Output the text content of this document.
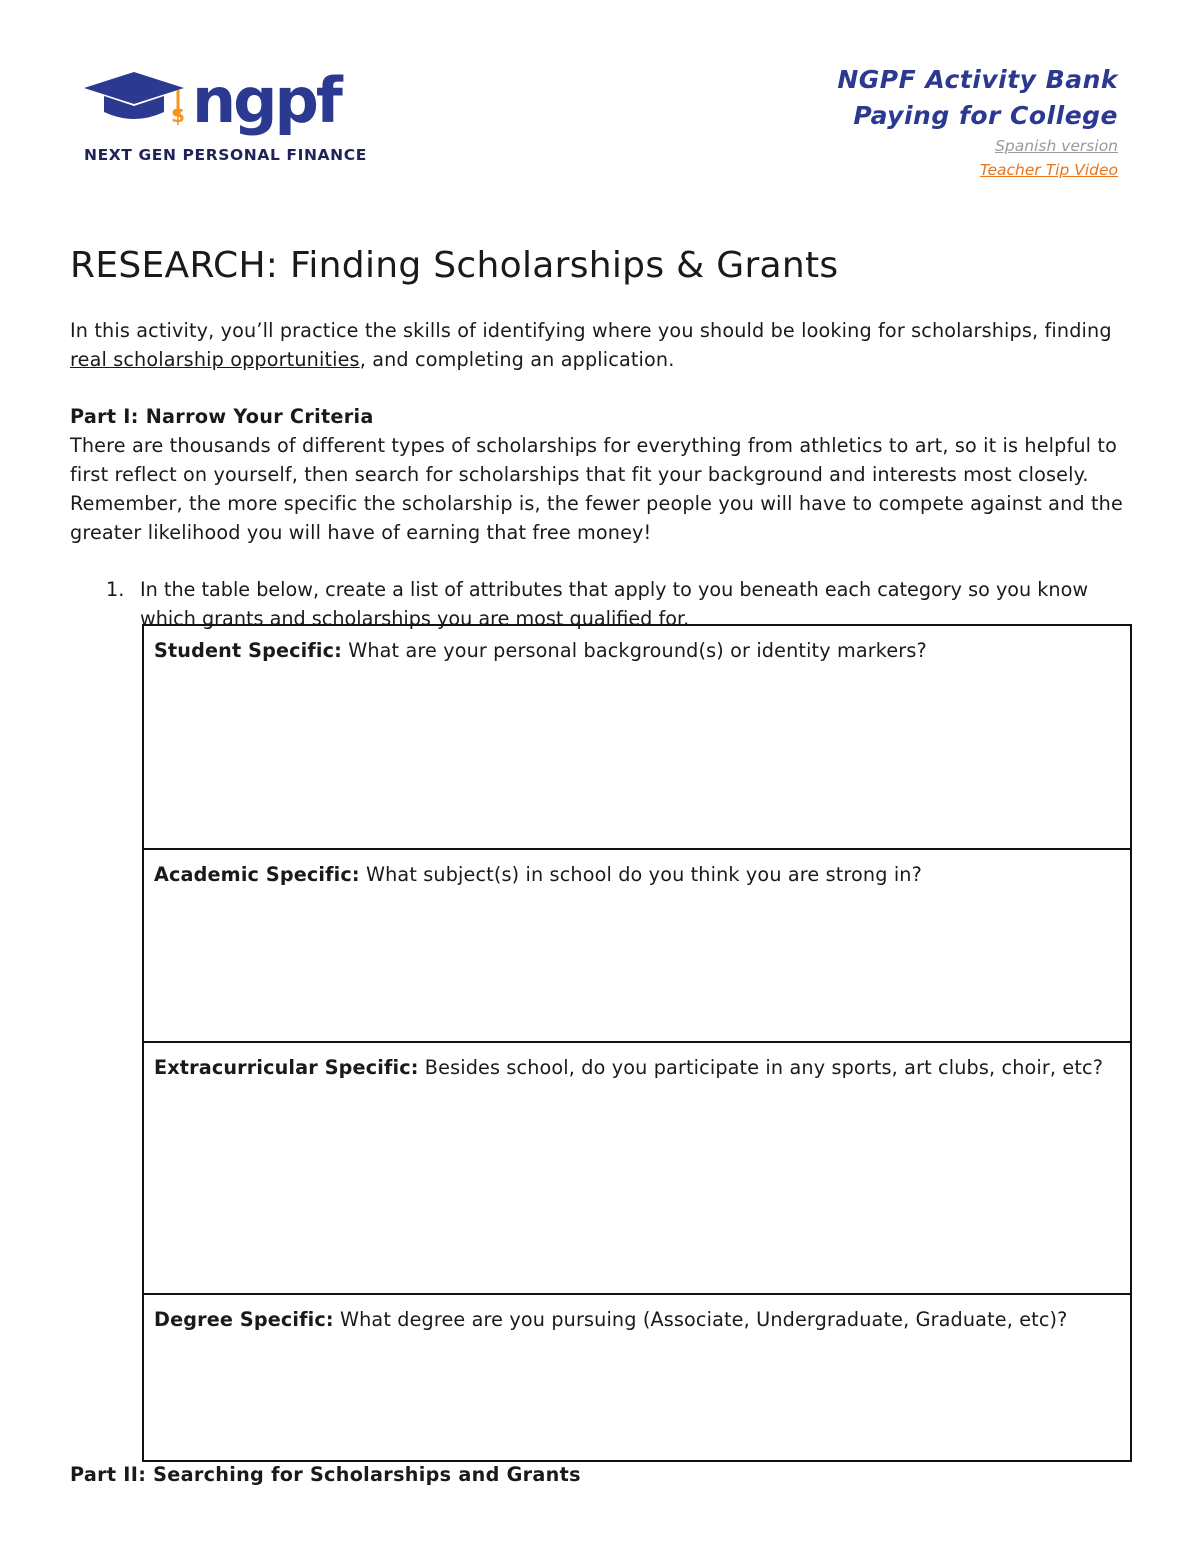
$ ngpf
NEXT GEN PERSONAL FINANCE
NGPF Activity Bank
Paying for College
Spanish version
Teacher Tip Video
RESEARCH: Finding Scholarships & Grants

In this activity, you’ll practice the skills of identifying where you should be looking for scholarships, finding real scholarship opportunities, and completing an application.

Part I: Narrow Your Criteria

There are thousands of different types of scholarships for everything from athletics to art, so it is helpful to first reflect on yourself, then search for scholarships that fit your background and interests most closely. Remember, the more specific the scholarship is, the fewer people you will have to compete against and the greater likelihood you will have of earning that free money!

1. In the table below, create a list of attributes that apply to you beneath each category so you know which grants and scholarships you are most qualified for.
Student Specific: What are your personal background(s) or identity markers?
Academic Specific: What subject(s) in school do you think you are strong in?
Extracurricular Specific: Besides school, do you participate in any sports, art clubs, choir, etc?
Degree Specific: What degree are you pursuing (Associate, Undergraduate, Graduate, etc)?
Part II: Searching for Scholarships and Grants
